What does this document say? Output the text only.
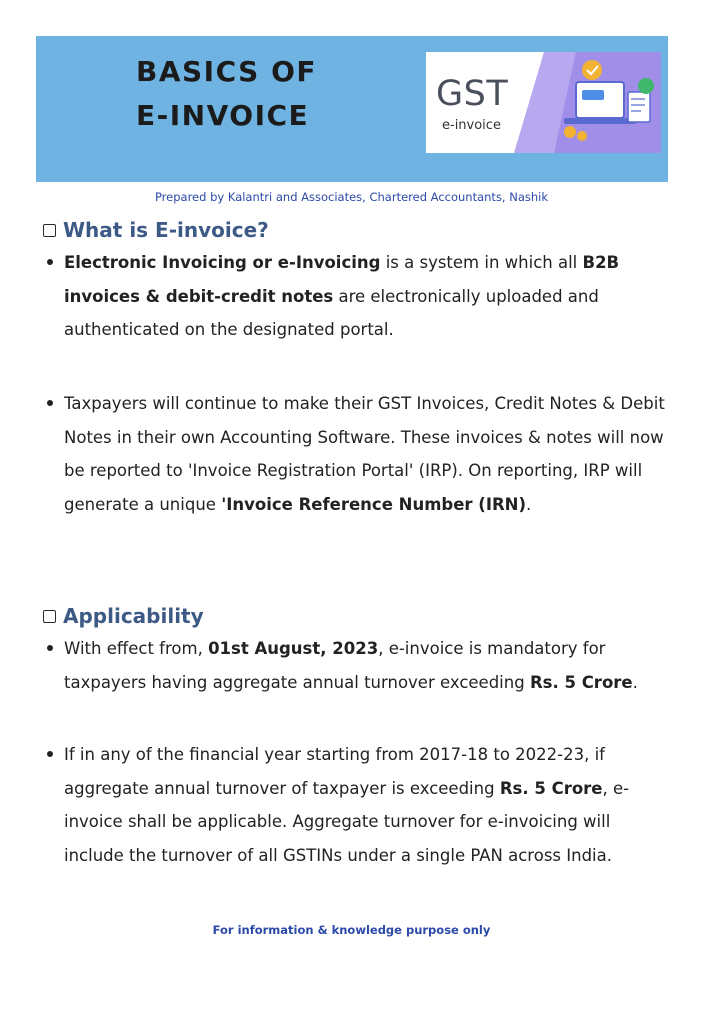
BASICS OF
E-INVOICE
GST
e-invoice
Prepared by Kalantri and Associates, Chartered Accountants, Nashik
What is E-invoice?
Electronic Invoicing or e-Invoicing is a system in which all B2B invoices & debit-credit notes are electronically uploaded and authenticated on the designated portal.
Taxpayers will continue to make their GST Invoices, Credit Notes & Debit Notes in their own Accounting Software. These invoices & notes will now be reported to 'Invoice Registration Portal' (IRP). On reporting, IRP will generate a unique 'Invoice Reference Number (IRN).
Applicability
With effect from, 01st August, 2023, e-invoice is mandatory for taxpayers having aggregate annual turnover exceeding Rs. 5 Crore.
If in any of the financial year starting from 2017-18 to 2022-23, if aggregate annual turnover of taxpayer is exceeding Rs. 5 Crore, e-invoice shall be applicable. Aggregate turnover for e-invoicing will include the turnover of all GSTINs under a single PAN across India.
For information & knowledge purpose only
